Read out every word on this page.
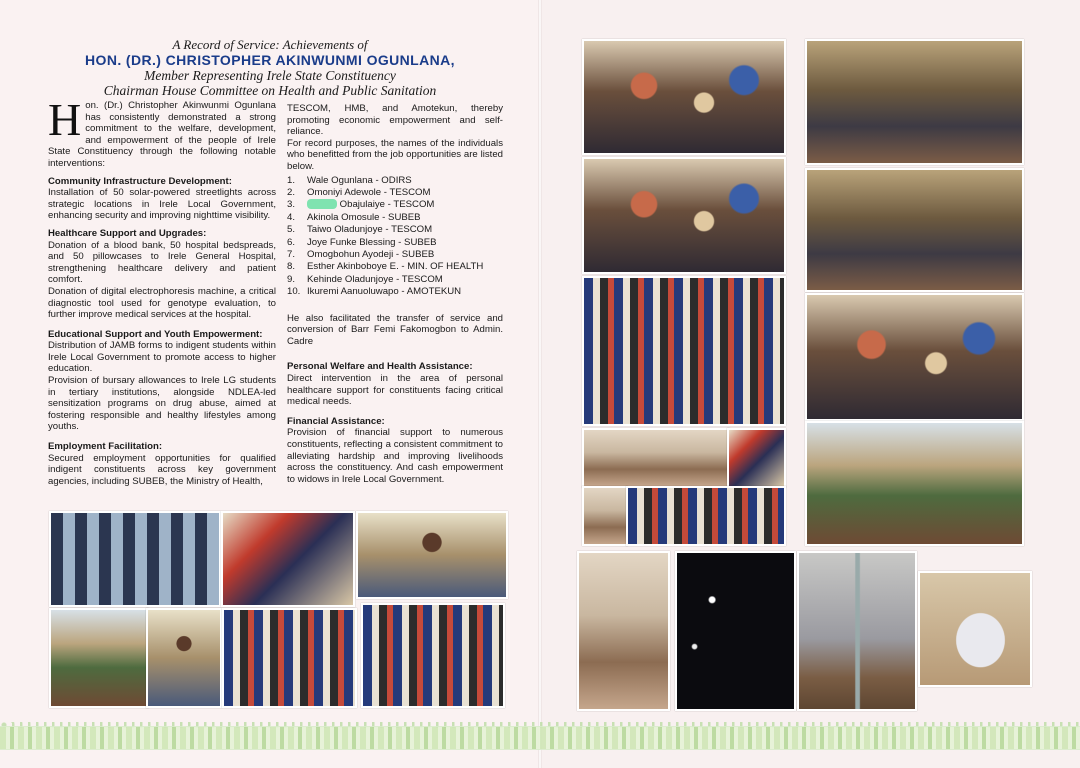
A Record of Service: Achievements of
HON. (DR.) CHRISTOPHER AKINWUNMI OGUNLANA,
Member Representing Irele State Constituency
Chairman House Committee on Health and Public Sanitation

Hon. (Dr.) Christopher Akinwunmi Ogunlana has consistently demonstrated a strong commitment to the welfare, development, and empowerment of the people of Irele State Constituency through the following notable interventions:

Community Infrastructure Development:

Installation of 50 solar-powered streetlights across strategic locations in Irele Local Government, enhancing security and improving nighttime visibility.

Healthcare Support and Upgrades:

Donation of a blood bank, 50 hospital bedspreads, and 50 pillowcases to Irele General Hospital, strengthening healthcare delivery and patient comfort.

Donation of digital electrophoresis machine, a critical diagnostic tool used for genotype evaluation, to further improve medical services at the hospital.

Educational Support and Youth Empowerment:

Distribution of JAMB forms to indigent students within Irele Local Government to promote access to higher education.

Provision of bursary allowances to Irele LG students in tertiary institutions, alongside NDLEA-led sensitization programs on drug abuse, aimed at fostering responsible and healthy lifestyles among youths.

Employment Facilitation:

Secured employment opportunities for qualified indigent constituents across key government agencies, including SUBEB, the Ministry of Health,

TESCOM, HMB, and Amotekun, thereby promoting economic empowerment and self-reliance.

For record purposes, the names of the individuals who benefitted from the job opportunities are listed below.

1.	Wale Ogunlana - ODIRS
2.	Omoniyi Adewole - TESCOM
3.
	Obajulaiye - TESCOM
4.	Akinola Omosule - SUBEB
5.	Taiwo Oladunjoye - TESCOM
6.	Joye Funke Blessing - SUBEB
7.	Omogbohun Ayodeji - SUBEB
8.	Esther Akinboboye E. - MIN. OF HEALTH
9.	Kehinde Oladunjoye - TESCOM
10. Ikuremi Aanuoluwapo - AMOTEKUN

He also facilitated the transfer of service and conversion of Barr Femi Fakomogbon to Admin. Cadre

Personal Welfare and Health Assistance:

Direct intervention in the area of personal healthcare support for constituents facing critical medical needs.

Financial Assistance:

Provision of financial support to numerous constituents, reflecting a consistent commitment to alleviating hardship and improving livelihoods across the constituency. And cash empowerment to widows in Irele Local Government.
